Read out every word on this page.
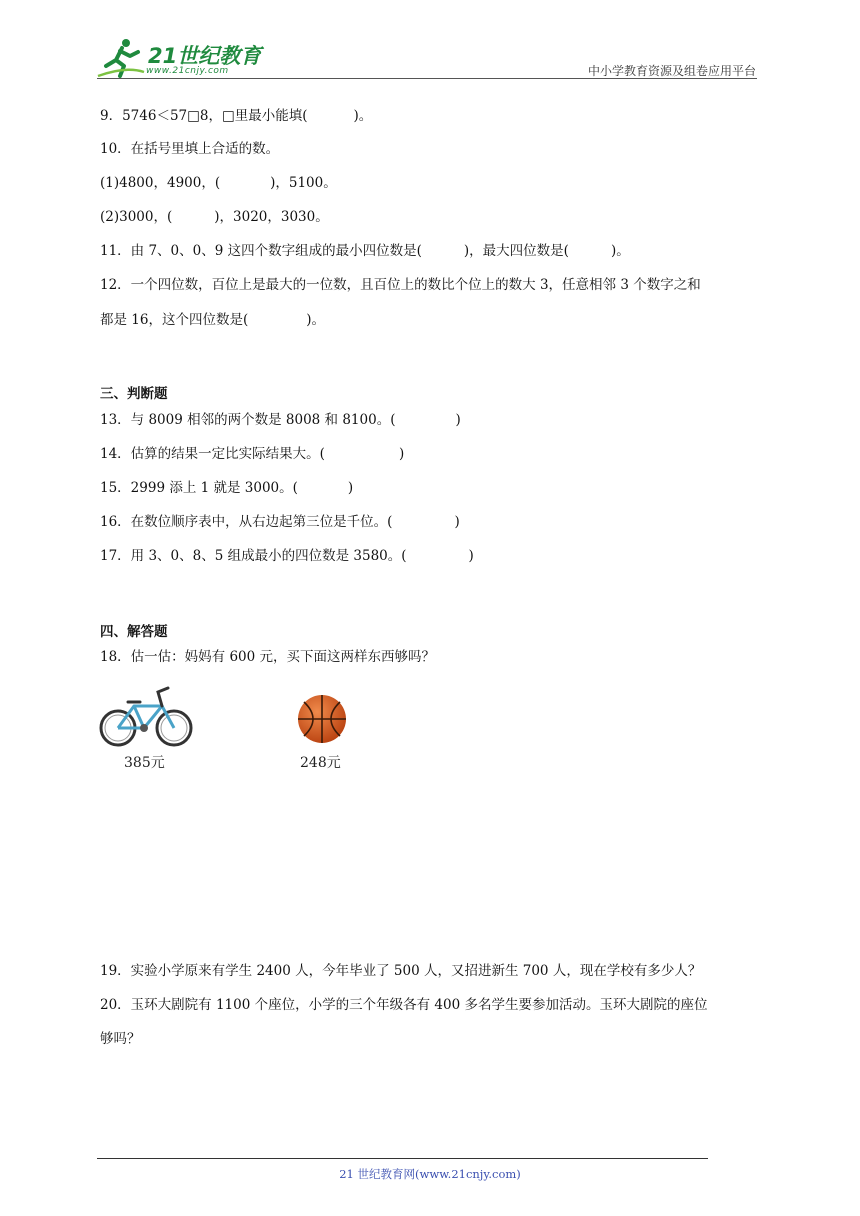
21世纪教育
www.21cnjy.com	中小学教育资源及组卷应用平台
9．5746＜57□8，□里最小能填(	)。
10．在括号里填上合适的数。
(1)4800，4900，(	)，5100。
(2)3000，(	)，3020，3030。
11．由 7、0、0、9 这四个数字组成的最小四位数是(	)，最大四位数是(	)。
12．一个四位数，百位上是最大的一位数，且百位上的数比个位上的数大 3，任意相邻 3 个数字之和
都是 16，这个四位数是(	)。
三、判断题
13．与 8009 相邻的两个数是 8008 和 8100。(	)
14．估算的结果一定比实际结果大。(	)
15．2999 添上 1 就是 3000。(	)
16．在数位顺序表中，从右边起第三位是千位。(	)
17．用 3、0、8、5 组成最小的四位数是 3580。(	)
四、解答题
18．估一估：妈妈有 600 元，买下面这两样东西够吗？
385元	248元
19．实验小学原来有学生 2400 人，今年毕业了 500 人，又招进新生 700 人，现在学校有多少人？
20．玉环大剧院有 1100 个座位，小学的三个年级各有 400 多名学生要参加活动。玉环大剧院的座位
够吗？
21 世纪教育网(www.21cnjy.com)
